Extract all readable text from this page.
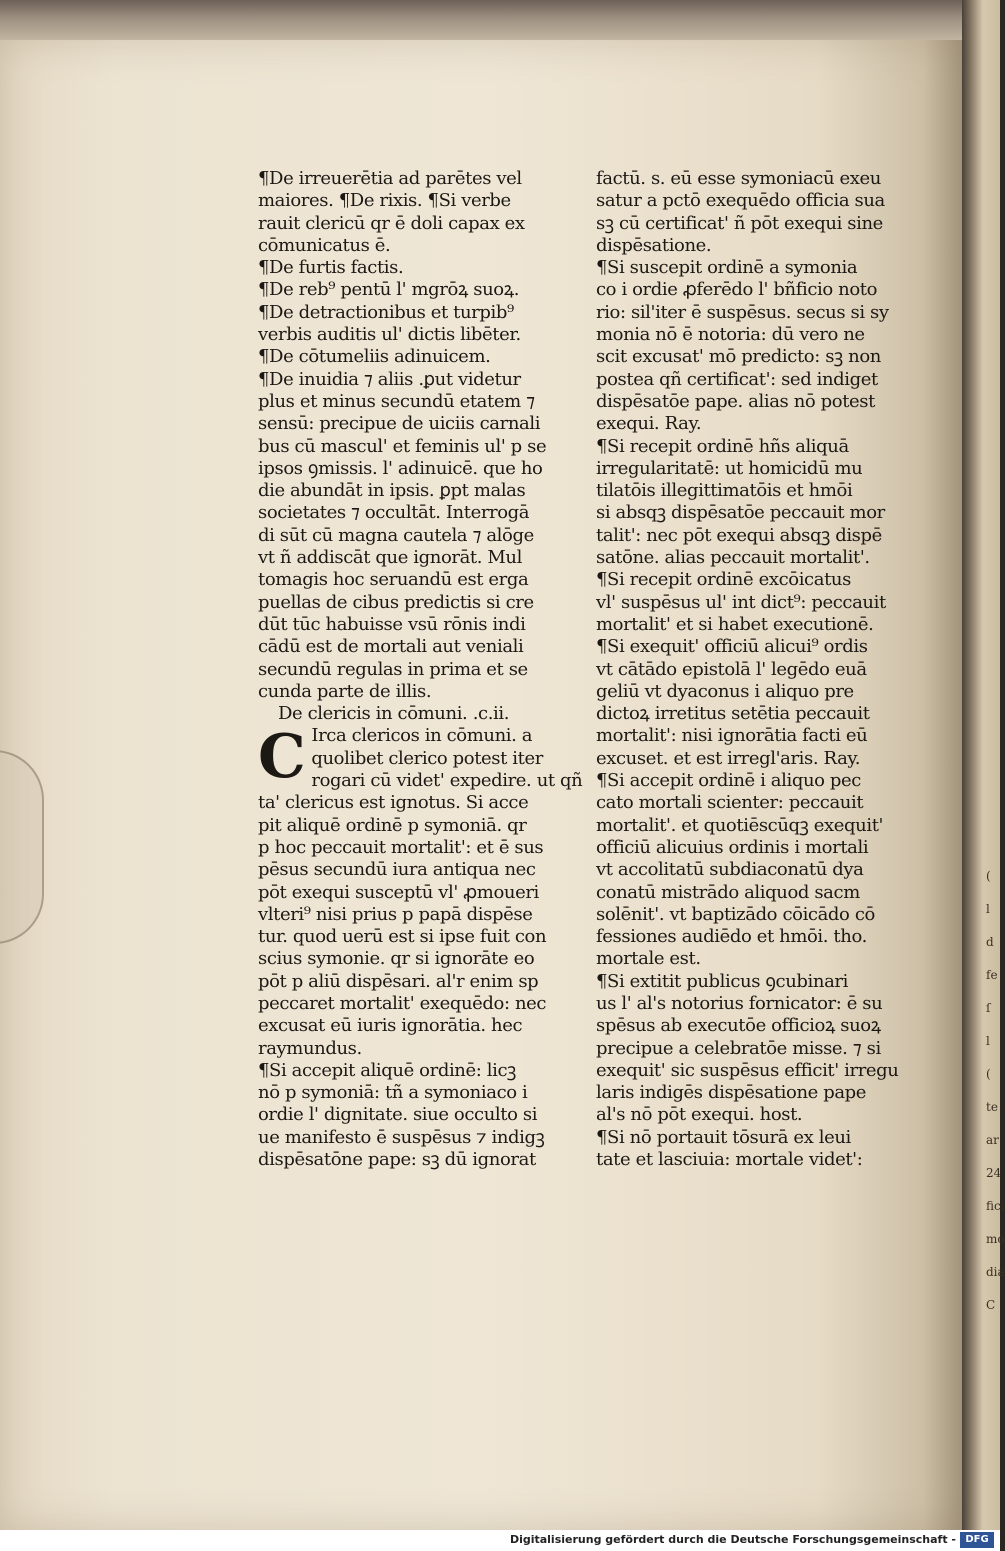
(
l
d
fe
ſ
l
(
te
ar
24
fici
mo
dia
C
¶De irreuerētia ad parētes vel
maiores. ¶De rixis. ¶Si verbe
rauit clericū qr ē doli capax ex
cōmunicatus ē.
¶De furtis factis.
¶De reb⁹ pentū l' mgrōꝝ suoꝝ.
¶De detractionibus et turpib⁹
verbis auditis ul' dictis libēter.
¶De cōtumeliis adinuicem.
¶De inuidia ⁊ aliis .ꝑut videtur
plus et minus secundū etatem ⁊
sensū: precipue de uiciis carnali
bus cū mascul' et feminis ul' p se
ipsos ꝯmissis. l' adinuicē. que ho
die abundāt in ipsis. ꝑpt malas
societates ⁊ occultāt. Interrogā
di sūt cū magna cautela ⁊ alōge
vt ñ addiscāt que ignorāt. Mul
tomagis hoc seruandū est erga
puellas de cibus predictis si cre
dūt tūc habuisse vsū rōnis indi
cādū est de mortali aut veniali
secundū regulas in prima et se
cunda parte de illis.
De clericis in cōmuni. .c.ii.
C Irca clericos in cōmuni. a
quolibet clerico potest iter
rogari cū videt' expedire. ut qñ
ta' clericus est ignotus. Si acce
pit aliquē ordinē p symoniā. qr
p hoc peccauit mortalit': et ē sus
pēsus secundū iura antiqua nec
pōt exequi susceptū vl' ꝓmoueri
vlteri⁹ nisi prius p papā dispēse
tur. quod uerū est si ipse fuit con
scius symonie. qr si ignorāte eo
pōt p aliū dispēsari. al'r enim sp
peccaret mortalit' exequēdo: nec
excusat eū iuris ignorātia. hec
raymundus.
¶Si accepit aliquē ordinē: licꝫ
nō p symoniā: tñ a symoniaco i
ordie l' dignitate. siue occulto si
ue manifesto ē suspēsus ⁊ indigꝫ
dispēsatōne pape: sꝫ dū ignorat
factū. s. eū esse symoniacū exeu
satur a pctō exequēdo officia sua
sꝫ cū certificat' ñ pōt exequi sine
dispēsatione.
¶Si suscepit ordinē a symonia
co i ordie ꝓferēdo l' bñficio noto
rio: sil'iter ē suspēsus. secus si sy
monia nō ē notoria: dū vero ne
scit excusat' mō predicto: sꝫ non
postea qñ certificat': sed indiget
dispēsatōe pape. alias nō potest
exequi. Ray.
¶Si recepit ordinē hñs aliquā
irregularitatē: ut homicidū mu
tilatōis illegittimatōis et hmōi
si absqꝫ dispēsatōe peccauit mor
talit': nec pōt exequi absqꝫ dispē
satōne. alias peccauit mortalit'.
¶Si recepit ordinē excōicatus
vl' suspēsus ul' int dict⁹: peccauit
mortalit' et si habet executionē.
¶Si exequit' officiū alicui⁹ ordis
vt cātādo epistolā l' legēdo euā
geliū vt dyaconus i aliquo pre
dictoꝝ irretitus setētia peccauit
mortalit': nisi ignorātia facti eū
excuset. et est irregl'aris. Ray.
¶Si accepit ordinē i aliquo pec
cato mortali scienter: peccauit
mortalit'. et quotiēscūqꝫ exequit'
officiū alicuius ordinis i mortali
vt accolitatū subdiaconatū dya
conatū mistrādo aliquod sacm
solēnit'. vt baptizādo cōicādo cō
fessiones audiēdo et hmōi. tho.
mortale est.
¶Si extitit publicus ꝯcubinari
us l' al's notorius fornicator: ē su
spēsus ab executōe officioꝝ suoꝝ
precipue a celebratōe misse. ⁊ si
exequit' sic suspēsus efficit' irregu
laris indigēs dispēsatione pape
al's nō pōt exequi. host.
¶Si nō portauit tōsurā ex leui
tate et lasciuia: mortale videt':
Digitalisierung gefördert durch die Deutsche Forschungsgemeinschaft - DFG
